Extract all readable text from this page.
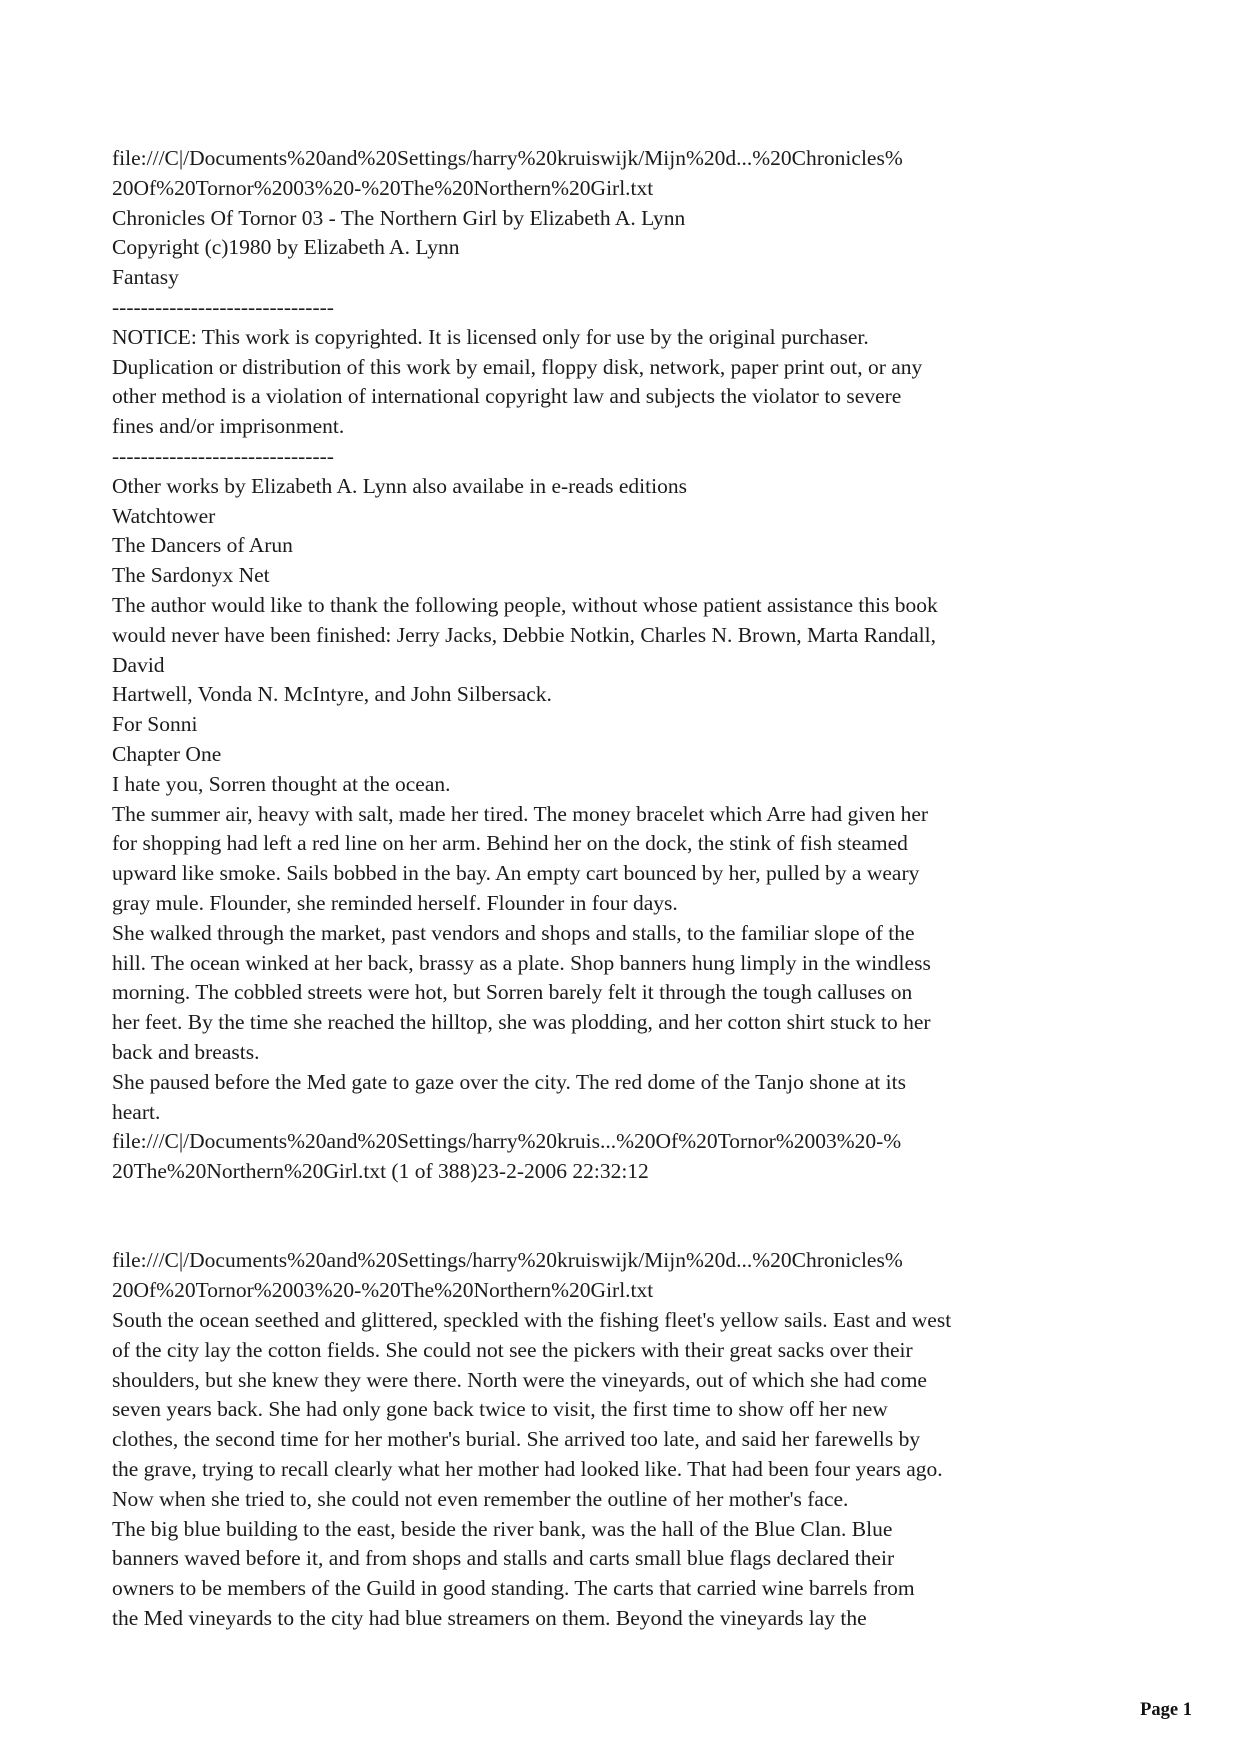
file:///C|/Documents%20and%20Settings/harry%20kruiswijk/Mijn%20d...%20Chronicles%
20Of%20Tornor%2003%20-%20The%20Northern%20Girl.txt
Chronicles Of Tornor 03 - The Northern Girl by Elizabeth A. Lynn
Copyright (c)1980 by Elizabeth A. Lynn
Fantasy
-------------------------------
NOTICE: This work is copyrighted. It is licensed only for use by the original purchaser.
Duplication or distribution of this work by email, floppy disk, network, paper print out, or any
other method is a violation of international copyright law and subjects the violator to severe
fines and/or imprisonment.
-------------------------------
Other works by Elizabeth A. Lynn also availabe in e-reads editions
Watchtower
The Dancers of Arun
The Sardonyx Net
The author would like to thank the following people, without whose patient assistance this book
would never have been finished: Jerry Jacks, Debbie Notkin, Charles N. Brown, Marta Randall,
David
Hartwell, Vonda N. McIntyre, and John Silbersack.
For Sonni
Chapter One
I hate you, Sorren thought at the ocean.
The summer air, heavy with salt, made her tired. The money bracelet which Arre had given her
for shopping had left a red line on her arm. Behind her on the dock, the stink of fish steamed
upward like smoke. Sails bobbed in the bay. An empty cart bounced by her, pulled by a weary
gray mule. Flounder, she reminded herself. Flounder in four days.
She walked through the market, past vendors and shops and stalls, to the familiar slope of the
hill. The ocean winked at her back, brassy as a plate. Shop banners hung limply in the windless
morning. The cobbled streets were hot, but Sorren barely felt it through the tough calluses on
her feet. By the time she reached the hilltop, she was plodding, and her cotton shirt stuck to her
back and breasts.
She paused before the Med gate to gaze over the city. The red dome of the Tanjo shone at its
heart.
file:///C|/Documents%20and%20Settings/harry%20kruis...%20Of%20Tornor%2003%20-%
20The%20Northern%20Girl.txt (1 of 388)23-2-2006 22:32:12
file:///C|/Documents%20and%20Settings/harry%20kruiswijk/Mijn%20d...%20Chronicles%
20Of%20Tornor%2003%20-%20The%20Northern%20Girl.txt
South the ocean seethed and glittered, speckled with the fishing fleet's yellow sails. East and west
of the city lay the cotton fields. She could not see the pickers with their great sacks over their
shoulders, but she knew they were there. North were the vineyards, out of which she had come
seven years back. She had only gone back twice to visit, the first time to show off her new
clothes, the second time for her mother's burial. She arrived too late, and said her farewells by
the grave, trying to recall clearly what her mother had looked like. That had been four years ago.
Now when she tried to, she could not even remember the outline of her mother's face.
The big blue building to the east, beside the river bank, was the hall of the Blue Clan. Blue
banners waved before it, and from shops and stalls and carts small blue flags declared their
owners to be members of the Guild in good standing. The carts that carried wine barrels from
the Med vineyards to the city had blue streamers on them. Beyond the vineyards lay the
Page 1
